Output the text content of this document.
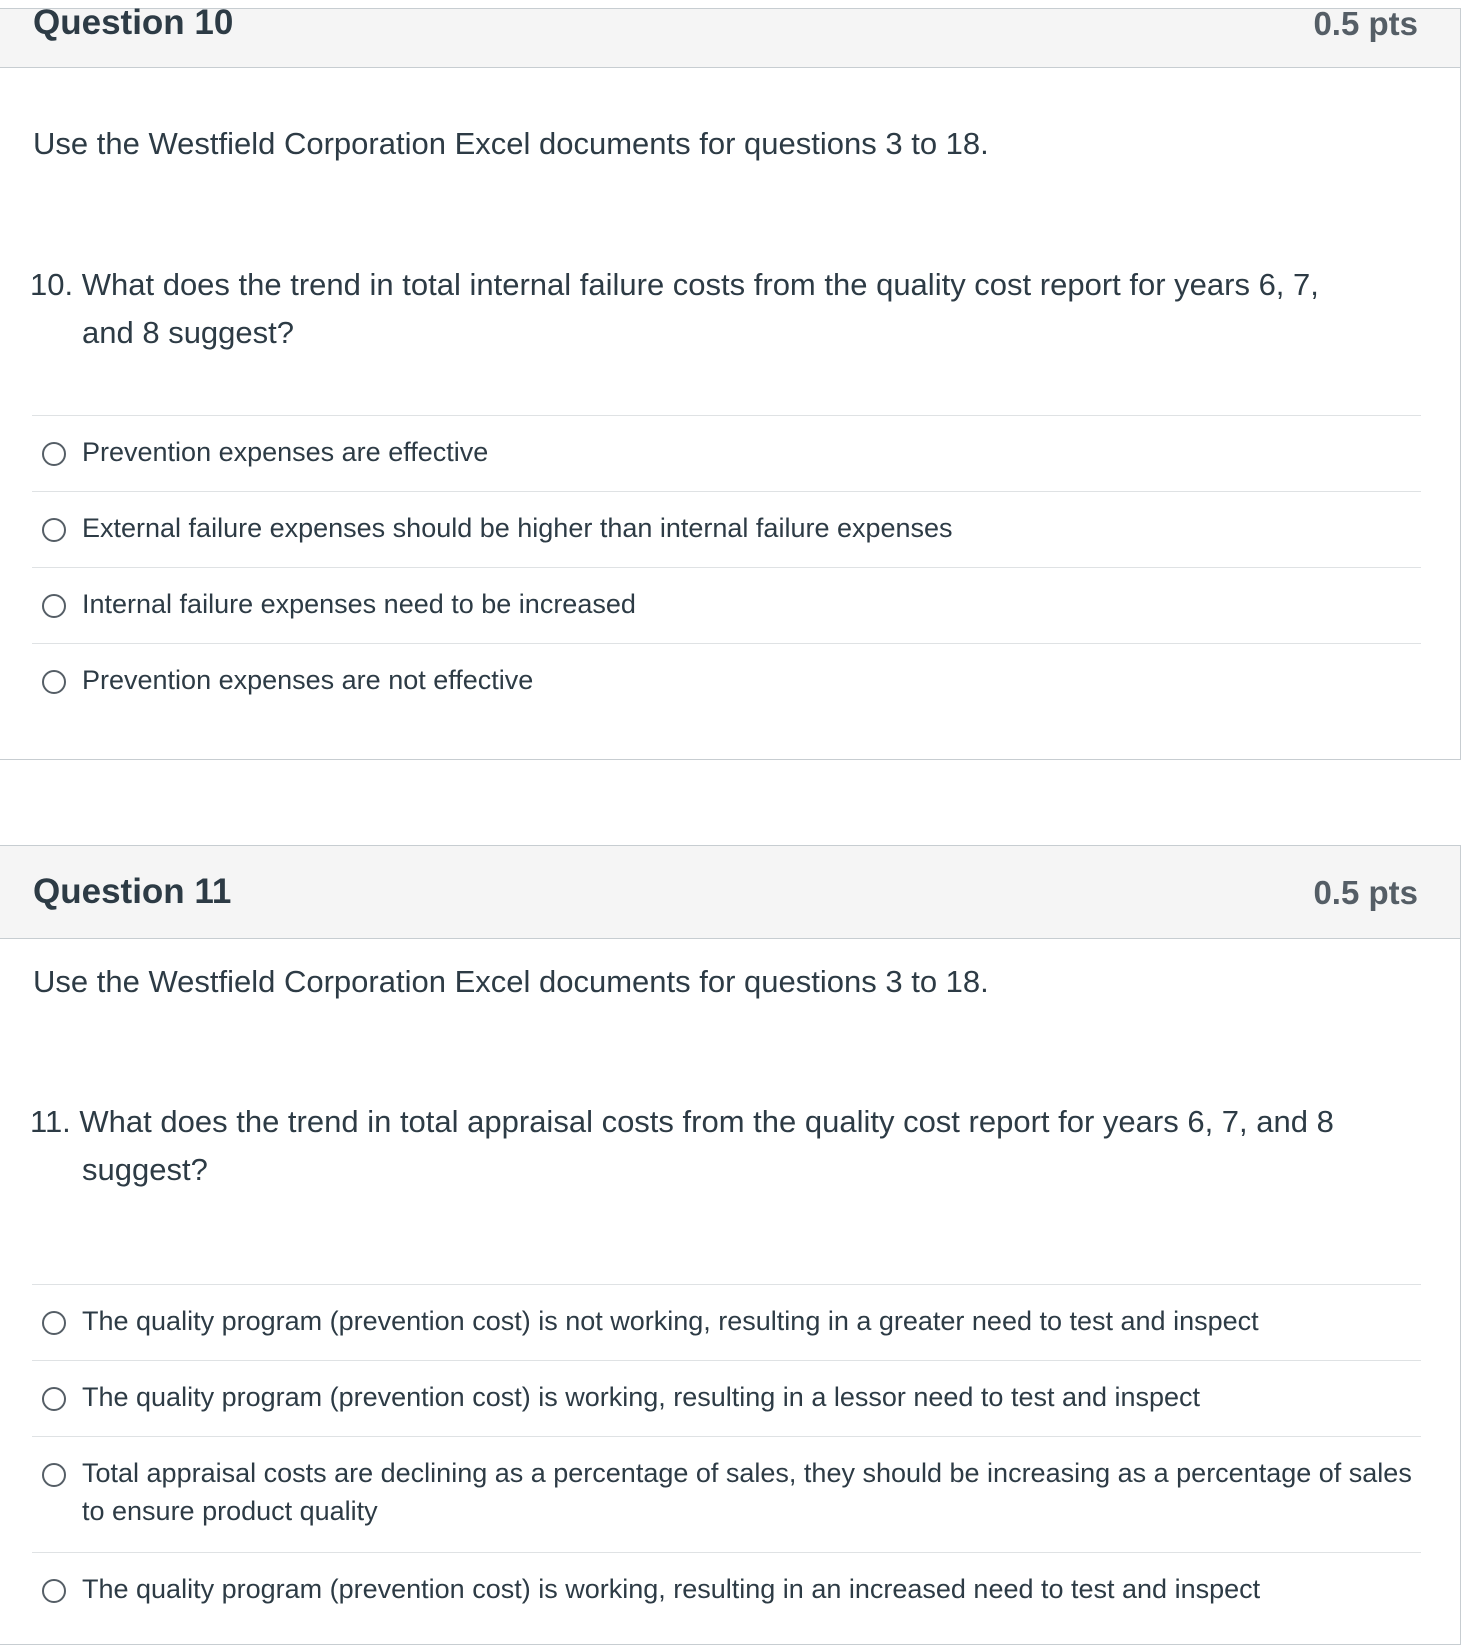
Question 10	0.5 pts
Use the Westfield Corporation Excel documents for questions 3 to 18.
10. What does the trend in total internal failure costs from the quality cost report for years 6, 7,
and 8 suggest?
Prevention expenses are effective
External failure expenses should be higher than internal failure expenses
Internal failure expenses need to be increased
Prevention expenses are not effective
Question 11	0.5 pts
Use the Westfield Corporation Excel documents for questions 3 to 18.
11. What does the trend in total appraisal costs from the quality cost report for years 6, 7, and 8
suggest?
The quality program (prevention cost) is not working, resulting in a greater need to test and inspect
The quality program (prevention cost) is working, resulting in a lessor need to test and inspect
Total appraisal costs are declining as a percentage of sales, they should be increasing as a percentage of sales to ensure product quality
The quality program (prevention cost) is working, resulting in an increased need to test and inspect
